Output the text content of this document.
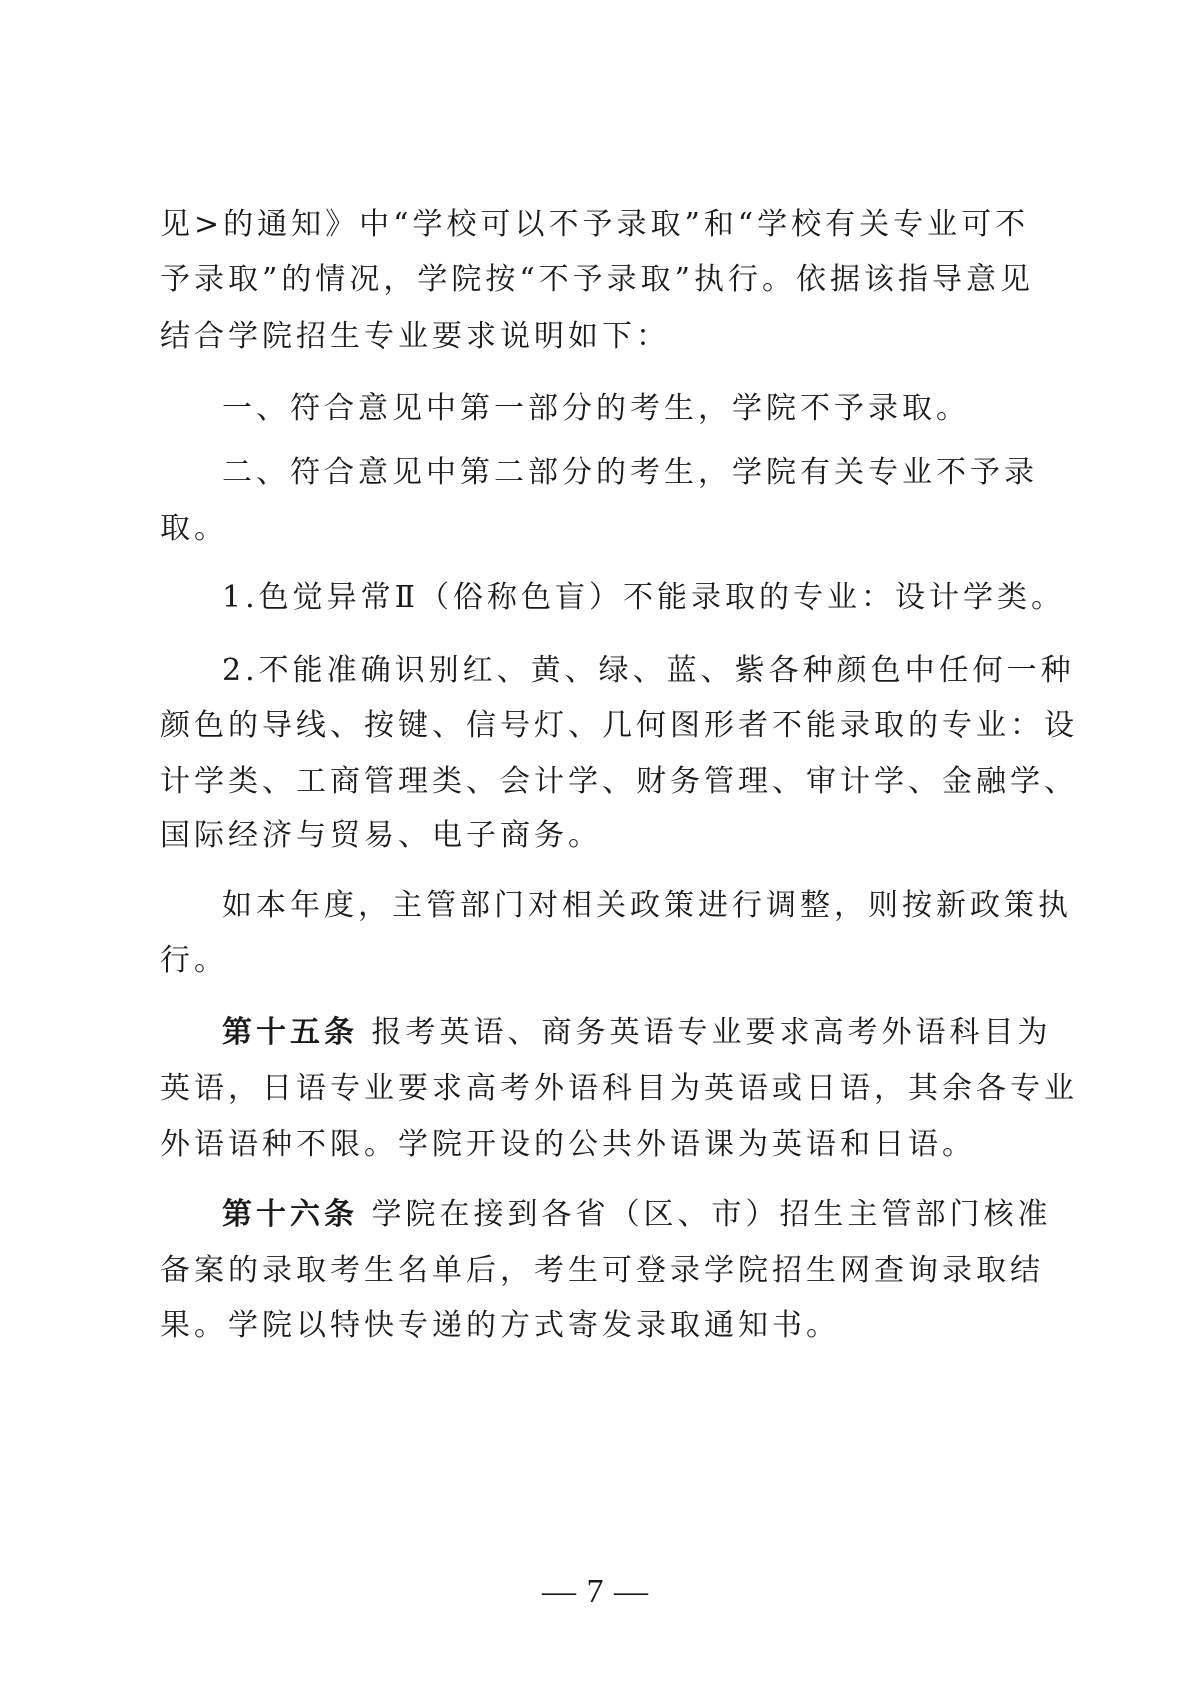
见>的通知》中“学校可以不予录取”和“学校有关专业可不
予录取”的情况，学院按“不予录取”执行。依据该指导意见
结合学院招生专业要求说明如下：
一、符合意见中第一部分的考生，学院不予录取。
二、符合意见中第二部分的考生，学院有关专业不予录
取。
1.色觉异常Ⅱ（俗称色盲）不能录取的专业：设计学类。
2.不能准确识别红、黄、绿、蓝、紫各种颜色中任何一种
颜色的导线、按键、信号灯、几何图形者不能录取的专业：设
计学类、工商管理类、会计学、财务管理、审计学、金融学、
国际经济与贸易、电子商务。
如本年度，主管部门对相关政策进行调整，则按新政策执
行。
第十五条 报考英语、商务英语专业要求高考外语科目为
英语，日语专业要求高考外语科目为英语或日语，其余各专业
外语语种不限。学院开设的公共外语课为英语和日语。
第十六条 学院在接到各省（区、市）招生主管部门核准
备案的录取考生名单后，考生可登录学院招生网查询录取结
果。学院以特快专递的方式寄发录取通知书。
— 7 —
